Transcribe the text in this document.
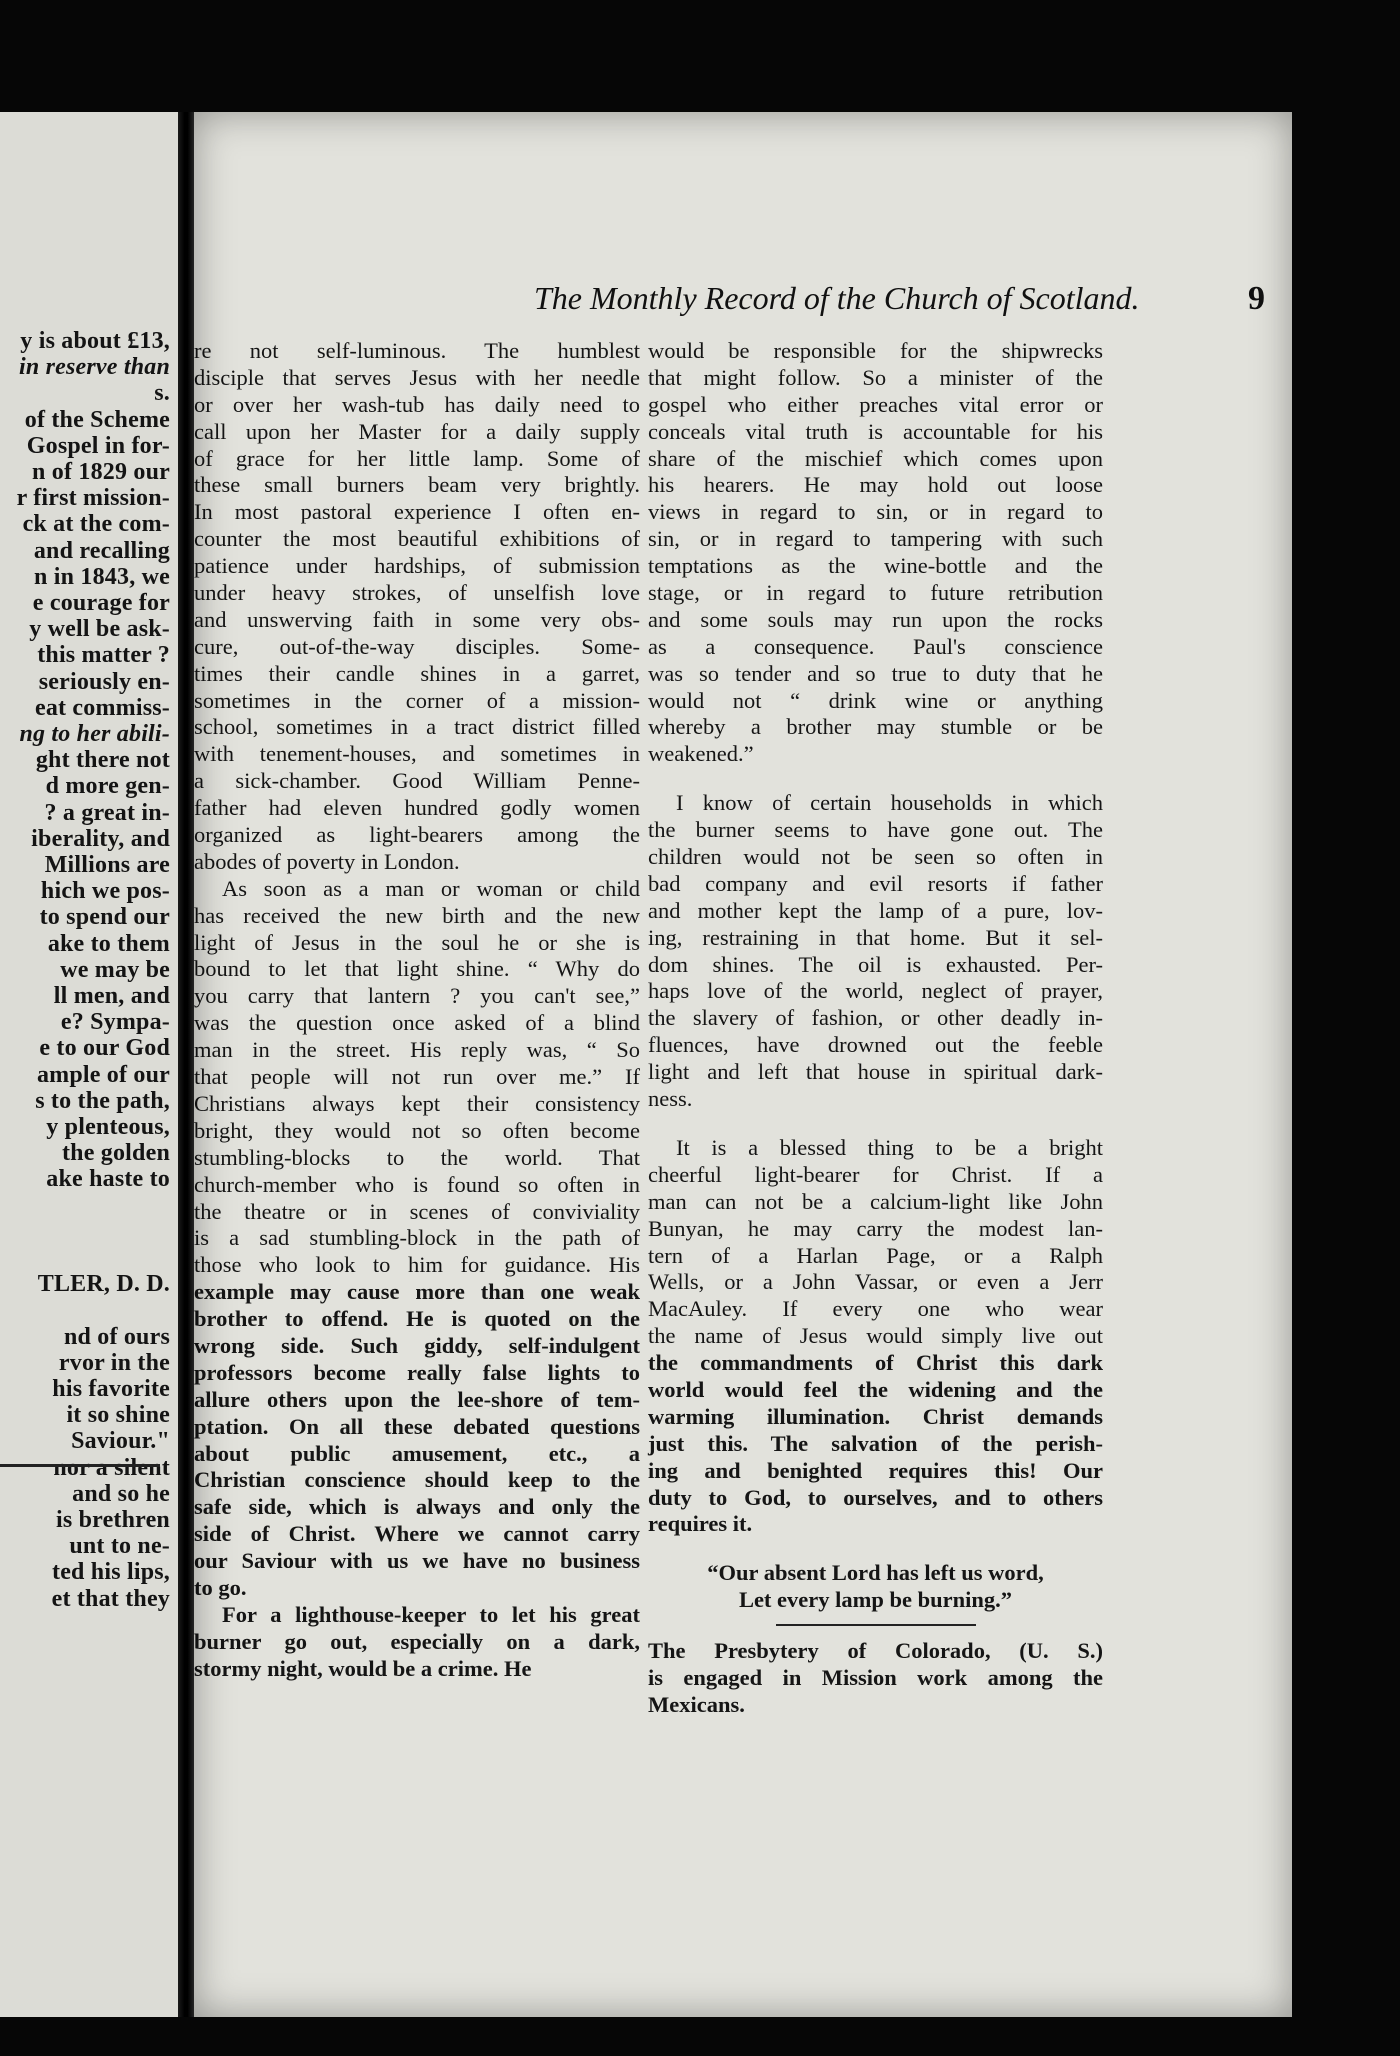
y is about £13,
in reserve than
s.
of the Scheme
Gospel in for-
n of 1829 our
r first mission-
ck at the com-
and recalling
n in 1843, we
e courage for
y well be ask-
this matter ?
seriously en-
eat commiss-
ng to her abili-
ght there not
d more gen-
? a great in-
iberality, and
Millions are
hich we pos-
to spend our
ake to them
we may be
ll men, and
e? Sympa-
e to our God
ample of our
s to the path,
y plenteous,
the golden
ake haste to
TLER, D. D.
nd of ours
rvor in the
his favorite
it so shine
Saviour."
nor a silent
and so he
is brethren
unt to ne-
ted his lips,
et that they
The Monthly Record of the Church of Scotland.	9
re not self-luminous. The humblest
disciple that serves Jesus with her needle
or over her wash-tub has daily need to
call upon her Master for a daily supply
of grace for her little lamp. Some of
these small burners beam very brightly.
In most pastoral experience I often en-
counter the most beautiful exhibitions of
patience under hardships, of submission
under heavy strokes, of unselfish love
and unswerving faith in some very obs-
cure, out-of-the-way disciples. Some-
times their candle shines in a garret,
sometimes in the corner of a mission-
school, sometimes in a tract district filled
with tenement-houses, and sometimes in
a sick-chamber. Good William Penne-
father had eleven hundred godly women
organized as light-bearers among the
abodes of poverty in London.
As soon as a man or woman or child
has received the new birth and the new
light of Jesus in the soul he or she is
bound to let that light shine. “ Why do
you carry that lantern ? you can't see,”
was the question once asked of a blind
man in the street. His reply was, “ So
that people will not run over me.” If
Christians always kept their consistency
bright, they would not so often become
stumbling-blocks to the world. That
church-member who is found so often in
the theatre or in scenes of conviviality
is a sad stumbling-block in the path of
those who look to him for guidance. His
example may cause more than one weak
brother to offend. He is quoted on the
wrong side. Such giddy, self-indulgent
professors become really false lights to
allure others upon the lee-shore of tem-
ptation. On all these debated questions
about public amusement, etc., a
Christian conscience should keep to the
safe side, which is always and only the
side of Christ. Where we cannot carry
our Saviour with us we have no business
to go.
For a lighthouse-keeper to let his great
burner go out, especially on a dark,
stormy night, would be a crime. He
would be responsible for the shipwrecks
that might follow. So a minister of the
gospel who either preaches vital error or
conceals vital truth is accountable for his
share of the mischief which comes upon
his hearers. He may hold out loose
views in regard to sin, or in regard to
sin, or in regard to tampering with such
temptations as the wine-bottle and the
stage, or in regard to future retribution
and some souls may run upon the rocks
as a consequence. Paul's conscience
was so tender and so true to duty that he
would not “ drink wine or anything
whereby a brother may stumble or be
weakened.”
I know of certain households in which
the burner seems to have gone out. The
children would not be seen so often in
bad company and evil resorts if father
and mother kept the lamp of a pure, lov-
ing, restraining in that home. But it sel-
dom shines. The oil is exhausted. Per-
haps love of the world, neglect of prayer,
the slavery of fashion, or other deadly in-
fluences, have drowned out the feeble
light and left that house in spiritual dark-
ness.
It is a blessed thing to be a bright
cheerful light-bearer for Christ. If a
man can not be a calcium-light like John
Bunyan, he may carry the modest lan-
tern of a Harlan Page, or a Ralph
Wells, or a John Vassar, or even a Jerr
MacAuley. If every one who wear
the name of Jesus would simply live out
the commandments of Christ this dark
world would feel the widening and the
warming illumination. Christ demands
just this. The salvation of the perish-
ing and benighted requires this! Our
duty to God, to ourselves, and to others
requires it.
“Our absent Lord has left us word,
Let every lamp be burning.”
The Presbytery of Colorado, (U. S.)
is engaged in Mission work among the
Mexicans.
